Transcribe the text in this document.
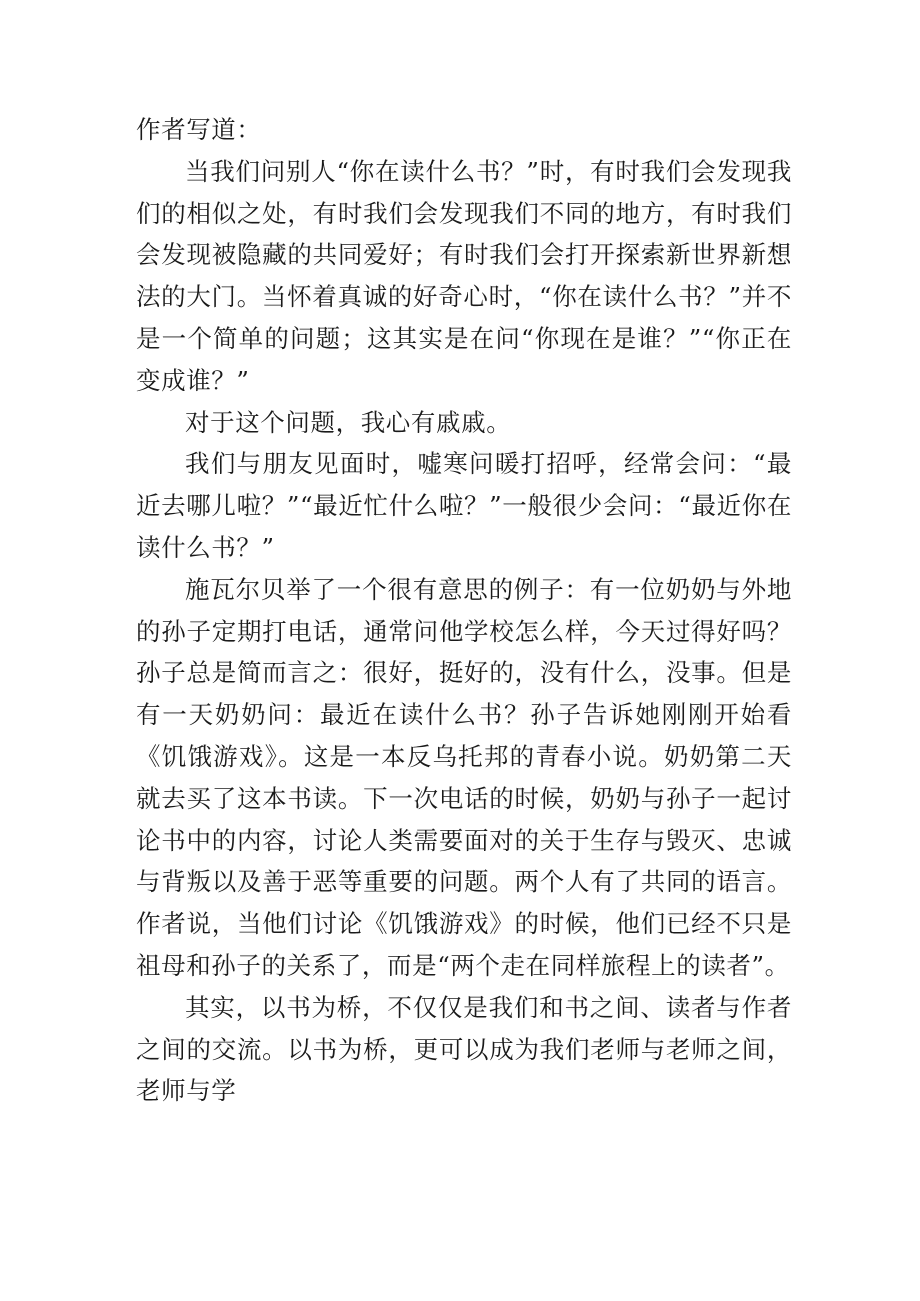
作者写道：

当我们问别人“你在读什么书？”时，有时我们会发现我们的相似之处，有时我们会发现我们不同的地方，有时我们会发现被隐藏的共同爱好；有时我们会打开探索新世界新想法的大门。当怀着真诚的好奇心时，“你在读什么书？”并不是一个简单的问题；这其实是在问“你现在是谁？”“你正在变成谁？”

对于这个问题，我心有戚戚。

我们与朋友见面时，嘘寒问暖打招呼，经常会问：“最近去哪儿啦？”“最近忙什么啦？”一般很少会问：“最近你在读什么书？”

施瓦尔贝举了一个很有意思的例子：有一位奶奶与外地的孙子定期打电话，通常问他学校怎么样，今天过得好吗？孙子总是简而言之：很好，挺好的，没有什么，没事。但是有一天奶奶问：最近在读什么书？孙子告诉她刚刚开始看《饥饿游戏》。这是一本反乌托邦的青春小说。奶奶第二天就去买了这本书读。下一次电话的时候，奶奶与孙子一起讨论书中的内容，讨论人类需要面对的关于生存与毁灭、忠诚与背叛以及善于恶等重要的问题。两个人有了共同的语言。作者说，当他们讨论《饥饿游戏》的时候，他们已经不只是祖母和孙子的关系了，而是“两个走在同样旅程上的读者”。

其实，以书为桥，不仅仅是我们和书之间、读者与作者之间的交流。以书为桥，更可以成为我们老师与老师之间，老师与学
